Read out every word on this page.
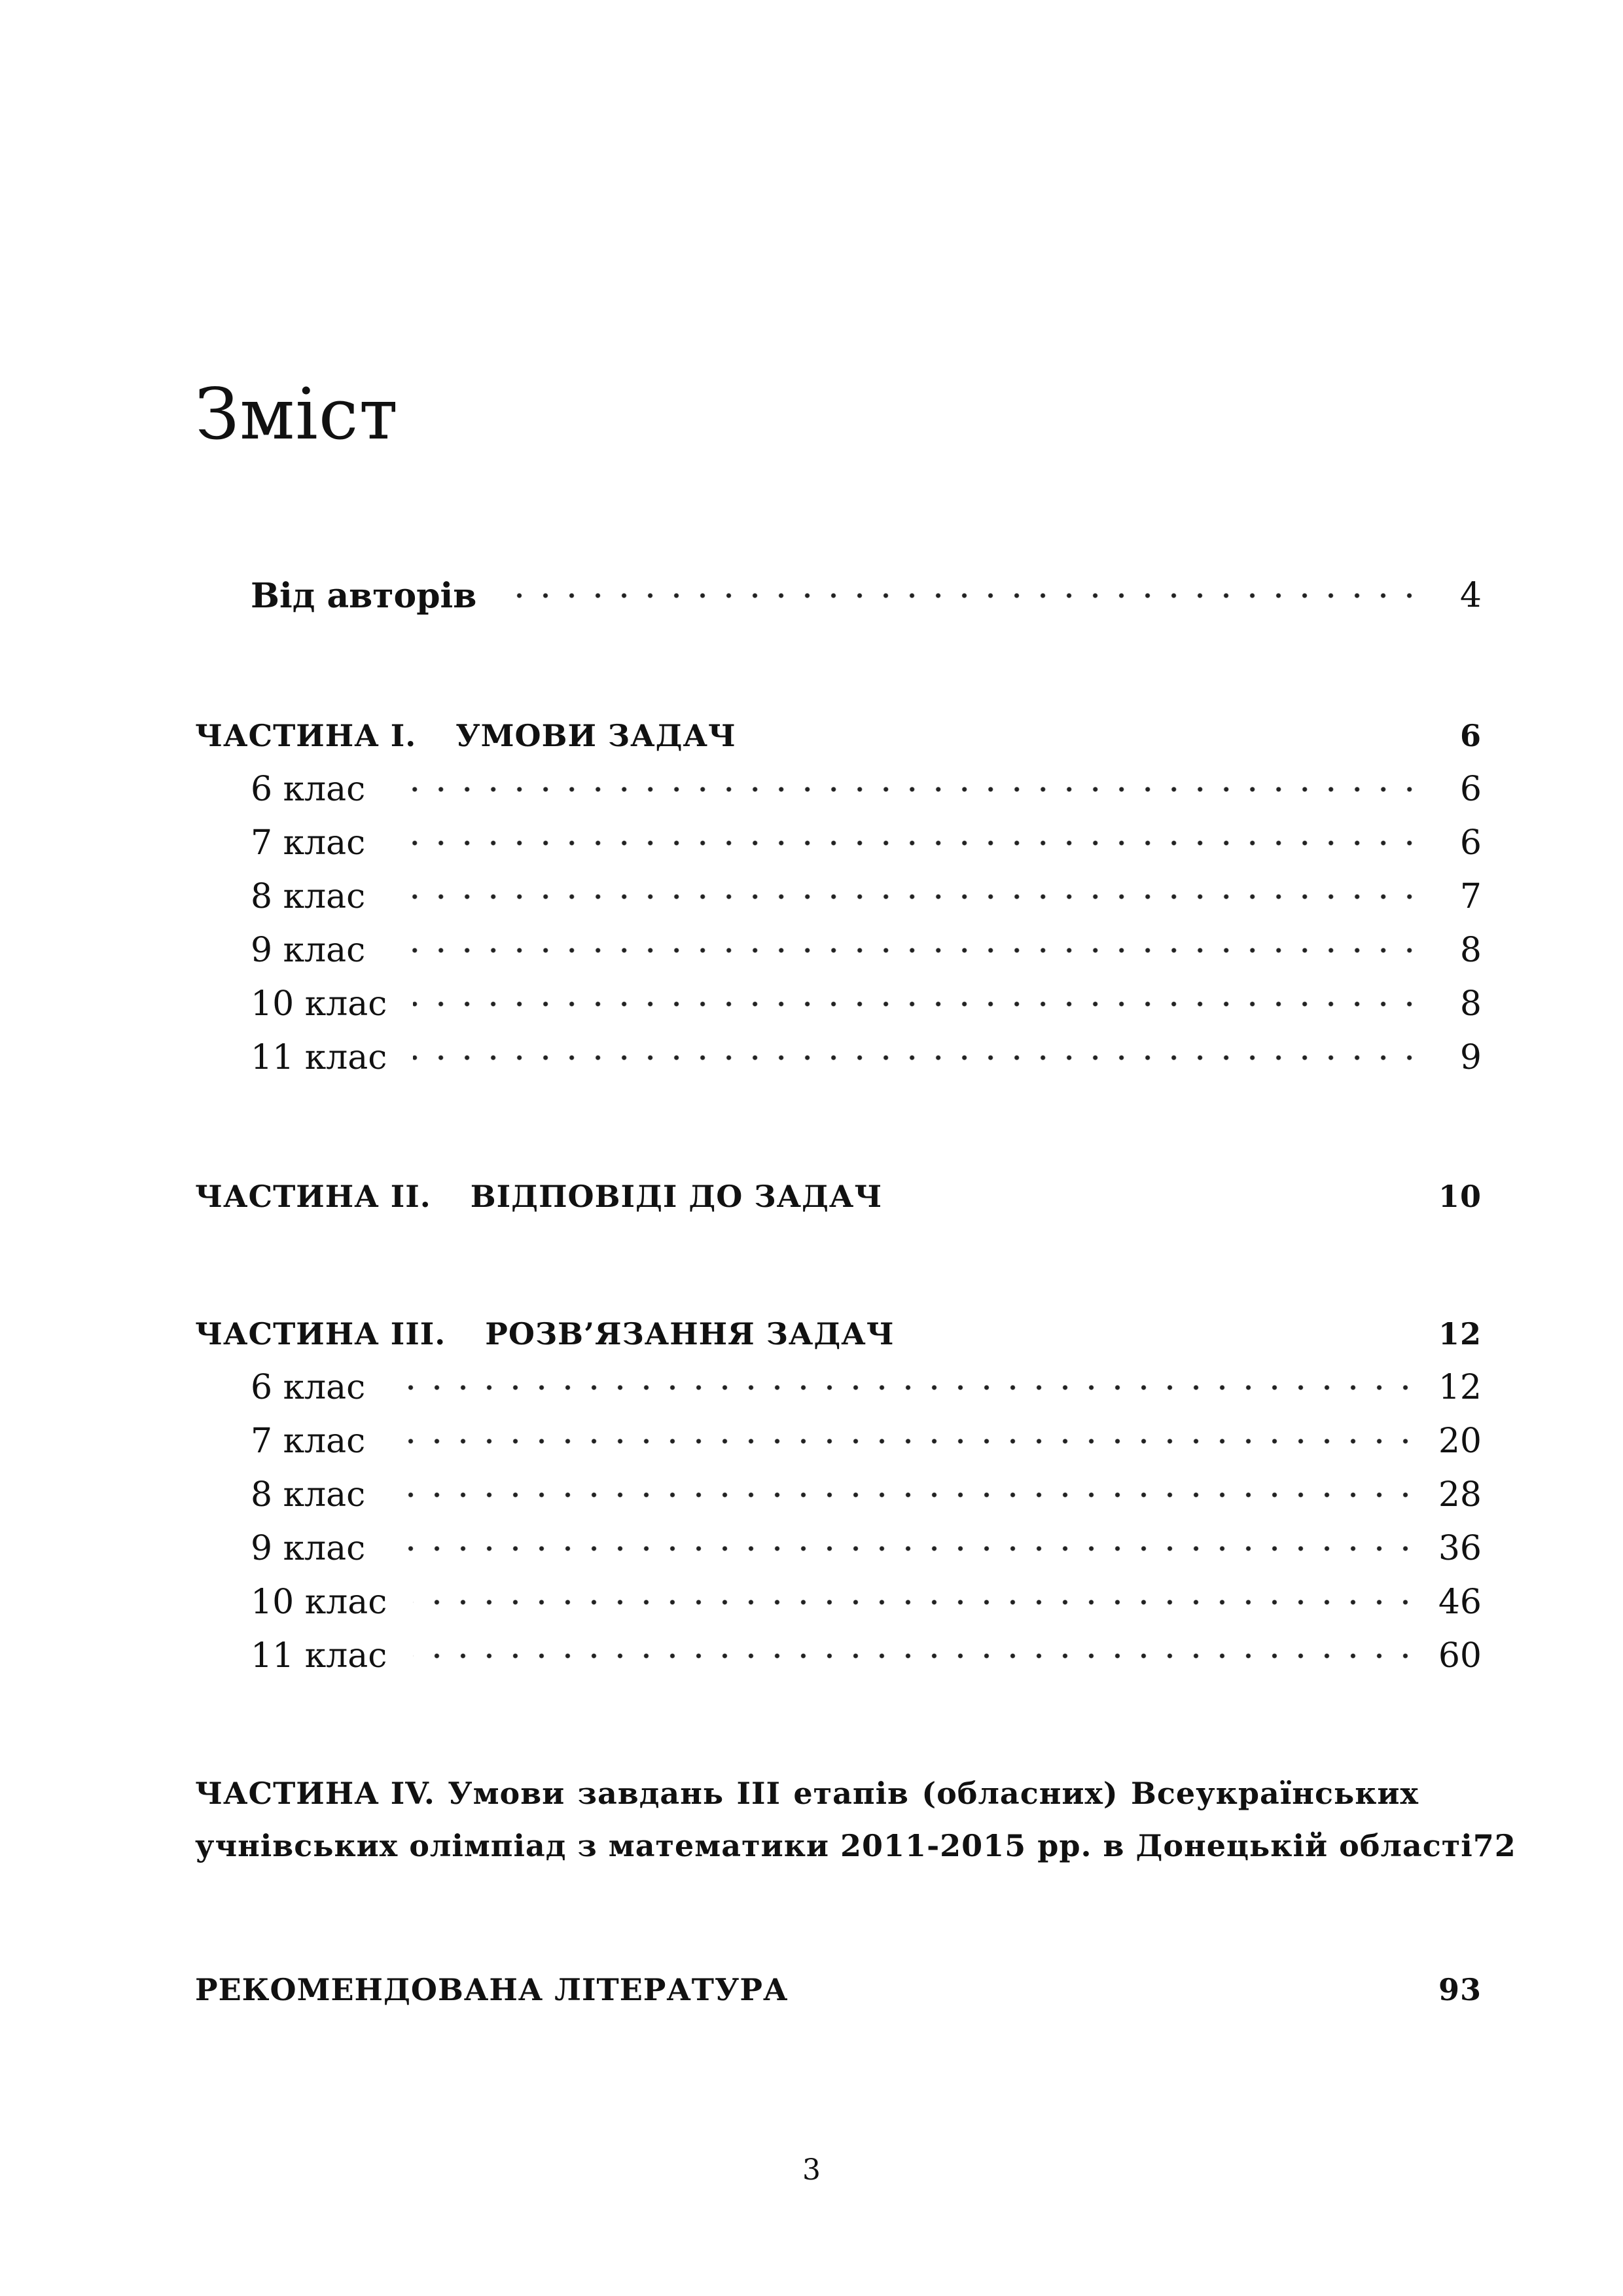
Зміст
Від авторів	4
ЧАСТИНА I. УМОВИ ЗАДАЧ	6
6 клас	6
7 клас	6
8 клас	7
9 клас	8
10 клас	8
11 клас	9
ЧАСТИНА II. ВІДПОВІДІ ДО ЗАДАЧ	10
ЧАСТИНА III. РОЗВ’ЯЗАННЯ ЗАДАЧ	12
6 клас	12
7 клас	20
8 клас	28
9 клас	36
10 клас	46
11 клас	60
ЧАСТИНА IV. Умови завдань III етапів (обласних) Всеукраїнських
учнівських олімпіад з математики 2011-2015 рр. в Донецькій області 72
РЕКОМЕНДОВАНА ЛІТЕРАТУРА	93
3
